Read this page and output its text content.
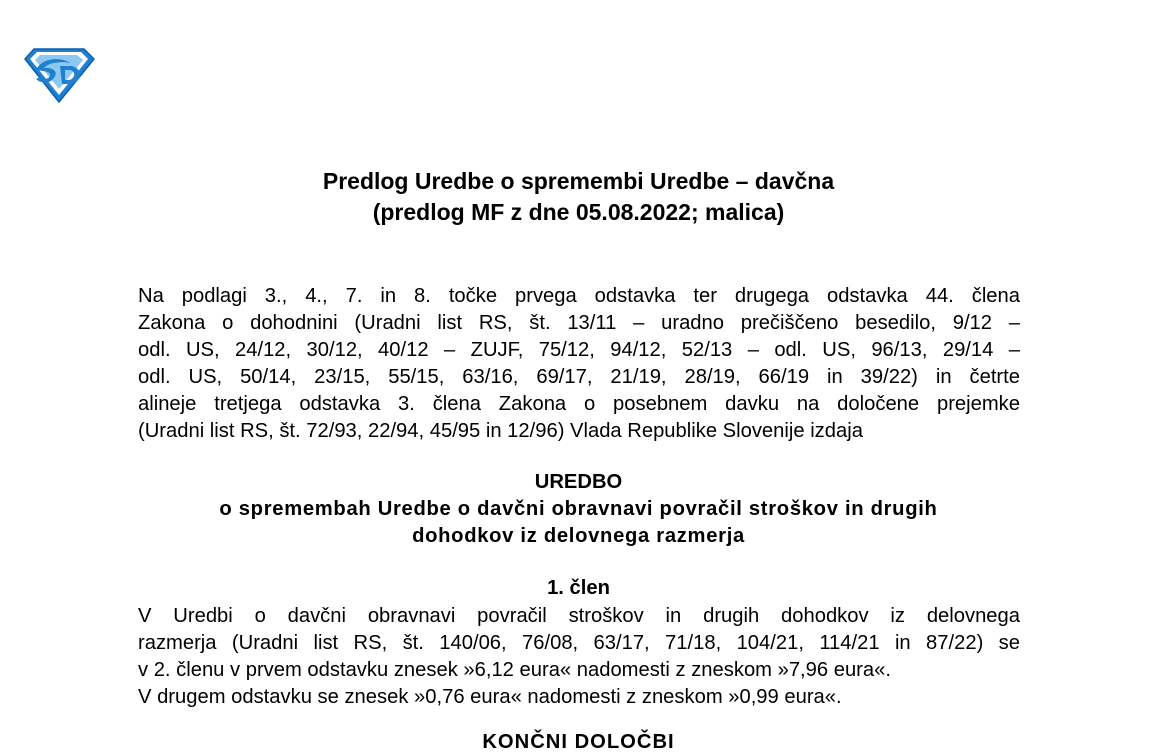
Predlog Uredbe o spremembi Uredbe – davčna
(predlog MF z dne 05.08.2022; malica)
Na podlagi 3., 4., 7. in 8. točke prvega odstavka ter drugega odstavka 44. člena
Zakona o dohodnini (Uradni list RS, št. 13/11 – uradno prečiščeno besedilo, 9/12 –
odl. US, 24/12, 30/12, 40/12 – ZUJF, 75/12, 94/12, 52/13 – odl. US, 96/13, 29/14 –
odl. US, 50/14, 23/15, 55/15, 63/16, 69/17, 21/19, 28/19, 66/19 in 39/22) in četrte
alineje tretjega odstavka 3. člena Zakona o posebnem davku na določene prejemke
(Uradni list RS, št. 72/93, 22/94, 45/95 in 12/96) Vlada Republike Slovenije izdaja
UREDBO
o spremembah Uredbe o davčni obravnavi povračil stroškov in drugih
dohodkov iz delovnega razmerja
1. člen
V Uredbi o davčni obravnavi povračil stroškov in drugih dohodkov iz delovnega
razmerja (Uradni list RS, št. 140/06, 76/08, 63/17, 71/18, 104/21, 114/21 in 87/22) se
v 2. členu v prvem odstavku znesek »6,12 eura« nadomesti z zneskom »7,96 eura«.
V drugem odstavku se znesek »0,76 eura« nadomesti z zneskom »0,99 eura«.
KONČNI DOLOČBI
